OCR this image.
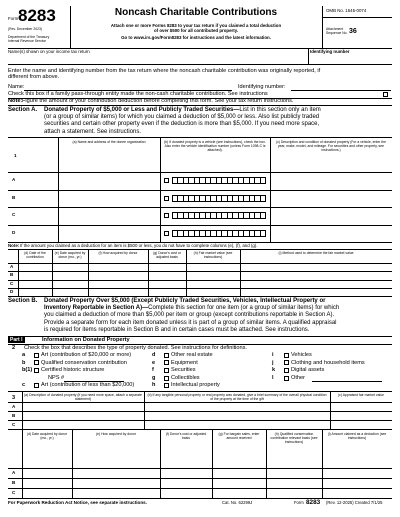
Form 8283
(Rev. December 2023)
Department of the Treasury
Internal Revenue Service
Noncash Charitable Contributions
Attach one or more Forms 8283 to your tax return if you claimed a total deduction
of over $500 for all contributed property.
Go to www.irs.gov/Form8283 for instructions and the latest information.
OMB No. 1545-0074
Attachment
Sequence No. 36
Name(s) shown on your income tax return	Identifying number
Enter the name and identifying number from the tax return where the noncash charitable contribution was originally reported, if
different from above.
Name:	Identifying number:
Check this box if a family pass-through entity made the non-cash charitable contribution. See instructions
Note: Figure the amount of your contribution deduction before completing this form. See your tax return instructions.
Section A. Donated Property of $5,000 or Less and Publicly Traded Securities—List in this section only an item
(or a group of similar items) for which you claimed a deduction of $5,000 or less. Also list publicly traded
securities and certain other property even if the deduction is more than $5,000. If you need more space,
attach a statement. See instructions.
1
(a) Name and address of the donee organization	(b) If donated property is a vehicle (see instructions), check the box. Also enter the vehicle identification number (unless Form 1098-C is attached).
(c) Description and condition of donated property (For a vehicle, enter the year, make, model, and mileage. For securities and other property, see instructions.)
A
B
C
D
Note: If the amount you claimed as a deduction for an item is $500 or less, you do not have to complete columns (e), (f), and (g).
(d) Date of the contribution
(e) Date acquired by donor (mo., yr.)
(f) How acquired by donor	(g) Donor's cost or adjusted basis
(h) Fair market value (see instructions)
(i) Method used to determine the fair market value
A
B
C
D
Section B. Donated Property Over $5,000 (Except Publicly Traded Securities, Vehicles, Intellectual Property or
Inventory Reportable in Section A)—Complete this section for one item (or a group of similar items) for which
you claimed a deduction of more than $5,000 per item or group (except contributions reportable in Section A).
Provide a separate form for each item donated unless it is part of a group of similar items. A qualified appraisal
is required for items reportable in Section B and in certain cases must be attached. See instructions.
Part I	Information on Donated Property
2 Check the box that describes the type of property donated. See instructions for definitions.
a	Art (contribution of $20,000 or more)
b	Qualified conservation contribution
b(1) Certified historic structure
NPS #
c	Art (contribution of less than $20,000)
d	Other real estate
e	Equipment
f	Securities
g	Collectibles
h	Intellectual property
i	Vehicles
j	Clothing and household items
k	Digital assets
l	Other
3	(a) Description of donated property (if you need more space, attach a separate statement)
(b) If any tangible personal property or real property was donated, give a brief summary of the overall physical condition of the property at the time of the gift
(c) Appraised fair market value
A
B
C
(d) Date acquired by donor (mo., yr.)
(e) How acquired by donor	(f) Donor's cost or adjusted basis
(g) For bargain sales, enter amount received
(h) Qualified conservation contribution relevant basis (see instructions)
(i) Amount claimed as a deduction (see instructions)
A
B
C
For Paperwork Reduction Act Notice, see separate instructions.	Cat. No. 62299J	Form 8283 (Rev. 12-2025) Created 7/1/25
